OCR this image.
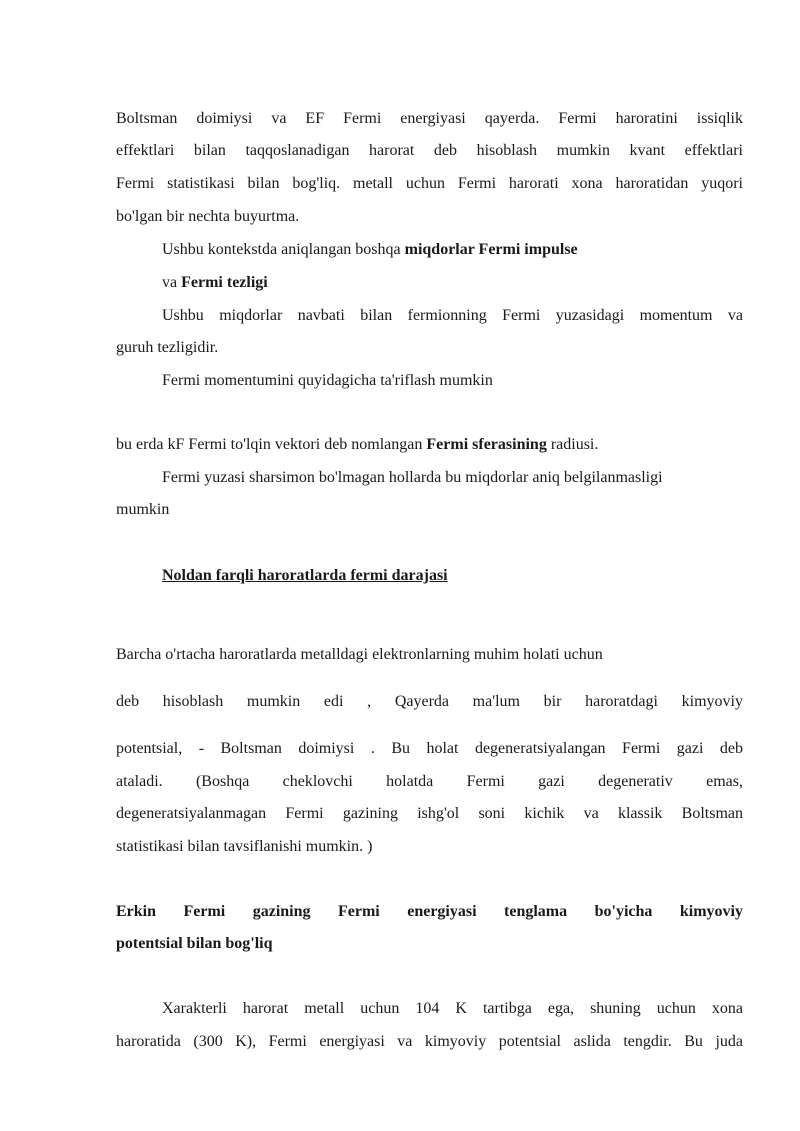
Boltsman doimiysi va EF Fermi energiyasi qayerda. Fermi haroratini issiqlik
effektlari bilan taqqoslanadigan harorat deb hisoblash mumkin kvant effektlari
Fermi statistikasi bilan bog'liq. metall uchun Fermi harorati xona haroratidan yuqori
bo'lgan bir nechta buyurtma.
Ushbu kontekstda aniqlangan boshqa miqdorlar Fermi impulse
va Fermi tezligi
Ushbu miqdorlar navbati bilan fermionning Fermi yuzasidagi momentum va
guruh tezligidir.
Fermi momentumini quyidagicha ta'riflash mumkin
bu erda kF Fermi to'lqin vektori deb nomlangan Fermi sferasining radiusi.
Fermi yuzasi sharsimon bo'lmagan hollarda bu miqdorlar aniq belgilanmasligi
mumkin
Noldan farqli haroratlarda fermi darajasi
Barcha o'rtacha haroratlarda metalldagi elektronlarning muhim holati uchun
deb hisoblash mumkin edi , Qayerda ma'lum bir haroratdagi kimyoviy
potentsial, - Boltsman doimiysi . Bu holat degeneratsiyalangan Fermi gazi deb
ataladi. (Boshqa cheklovchi holatda Fermi gazi degenerativ emas,
degeneratsiyalanmagan Fermi gazining ishg'ol soni kichik va klassik Boltsman
statistikasi bilan tavsiflanishi mumkin. )
Erkin Fermi gazining Fermi energiyasi tenglama bo'yicha kimyoviy
potentsial bilan bog'liq
Xarakterli harorat metall uchun 104 K tartibga ega, shuning uchun xona
haroratida (300 K), Fermi energiyasi va kimyoviy potentsial aslida tengdir. Bu juda
